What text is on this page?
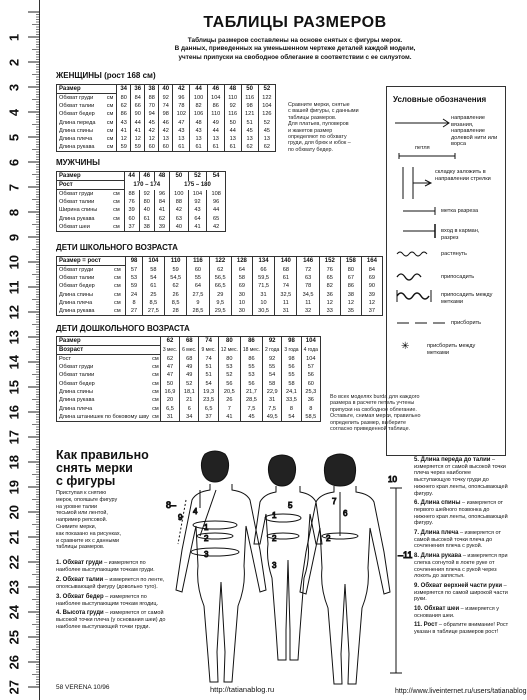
1
2
3
4
5
6
7
8
9
10
11
12
13
14
15
16
17
18
19
20
21
22
23
24
25
26
27
ТАБЛИЦЫ РАЗМЕРОВ
Таблицы размеров составлены на основе снятых с фигуры мерок.
В данных, приведенных на уменьшенном чертеже деталей каждой модели,
учтены припуски на свободное облегание в соответствии с ее силуэтом.
ЖЕНЩИНЫ (рост 168 см)
Размер		34	36	38	40	42	44	46	48	50	52
Обхват груди	см	80	84	88	92	96	100	104	110	116	122
Обхват талии	см	62	66	70	74	78	82	86	92	98	104
Обхват бедер	см	86	90	94	98	102	106	110	116	121	126
Длина переда	см	43	44	45	46	47	48	49	50	51	52
Длина спины	см	41	41	42	42	43	43	44	44	45	45
Длина плеча	см	12	12	12	13	13	13	13	13	13	13
Длина рукава	см	59	59	60	60	61	61	61	61	62	62
Сравните мерки, снятые
с вашей фигуры, с данными
таблицы размеров.
Для платьев, пуловеров
и жакетов размер
определяют по обхвату
груди, для брюк и юбок –
по обхвату бедер.
МУЖЧИНЫ
Размер		44	46	48	50	52	54
Рост		170 – 174			175 – 180		
Обхват груди	см	88	92	96	100	104	108
Обхват талии	см	76	80	84	88	92	96
Ширина спины	см	39	40	41	42	43	44
Длина рукава	см	60	61	62	63	64	65
Обхват шеи	см	37	38	39	40	41	42
ДЕТИ ШКОЛЬНОГО ВОЗРАСТА
Размер = рост		98	104	110	116	122	128	134	140	146	152	158	164
Обхват груди	см	57	58	59	60	62	64	66	68	72	76	80	84
Обхват талии	см	53	54	54,5	55	56,5	58	59,5	61	63	65	67	69
Обхват бедер	см	59	61	62	64	66,5	69	71,5	74	78	82	86	90
Длина спины	см	24	25	26	27,5	29	30	31	32,5	34,5	36	38	39
Длина плеча	см	8	8,5	8,5	9	9,5	10	10	11	11	12	12	12
Длина рукава	см	27	27,5	28	28,5	29,5	30	30,5	31	32	33	35	37
ДЕТИ ДОШКОЛЬНОГО ВОЗРАСТА
Размер		62	68	74	80	86	92	98	104
Возраст		3 мес.	6 мес.	9 мес.	12 мес.	18 мес.	2 года	3 года	4 года
Рост	см	62	68	74	80	86	92	98	104
Обхват груди	см	47	49	51	53	55	55	56	57
Обхват талии	см	47	49	51	52	53	54	55	56
Обхват бедер	см	50	52	54	56	56	58	58	60
Длина спины	см	16,9	18,1	19,3	20,5	21,7	22,9	24,1	25,3
Длина рукава	см	20	21	23,5	26	28,5	31	33,5	36
Длина плеча	см	6,5	6	6,5	7	7,5	7,5	8	8
Длина штанишек по боковому шву	см	31	34	37	41	45	49,5	54	58,5
Во всех моделях burda для каждого
размера в расчете петель учтены
припуски на свободное облегание.
Оставьте, снимая мерки, правильно
определить размер, выберите
согласно приведенной таблице.
Условные обозначения
✳
направление вязания, направление долевой нити или ворса
петля
складку заложить в направлении стрелки
метка разреза
вход в карман, разрез
растянуть
припосадить
припосадить между метками
присборить
присборить между метками
Как правильно
снять мерки
с фигуры
Приступая к снятию
мерок, опояшьте фигуру
на уровне талии
тесьмой или лентой,
например репсовой.
Снимите мерки,
как показано на рисунках,
и сравните их с данными
таблицы размеров.

1. Обхват груди – измеряется по наиболее выступающим точкам груди.

2. Обхват талии – измеряется по ленте, опоясывающей фигуру (довольно туго).

3. Обхват бедер – измеряется по наиболее выступающим точкам ягодиц.

4. Высота груди – измеряется от самой высокой точки плеча (у основания шеи) до наиболее выступающей точки груди.

5. Длина переда до талии – измеряется от самой высокой точки плеча через наиболее выступающую точку груди до нижнего края ленты, опоясывающей фигуру.

6. Длина спины – измеряется от первого шейного позвонка до нижнего края ленты, опоясывающей фигуру.

7. Длина плеча – измеряется от самой высокой точки плеча до сочленения плеча с рукой.

8. Длина рукава – измеряется при слегка согнутой в локте руке от сочленения плеча с рукой через локоть до запястья.

9. Обхват верхней части руки – измеряется по самой широкой части руки.

10. Обхват шеи – измеряется у основания шеи.

11. Рост – обратите внимание! Рост указан в таблице размеров рост!

8–
9
4
1
2
3
5
1
2
3
7
6
2
–11
10
58 VERENA 10/96	http://tatianablog.ru	http://www.liveinternet.ru/users/tatianablog
